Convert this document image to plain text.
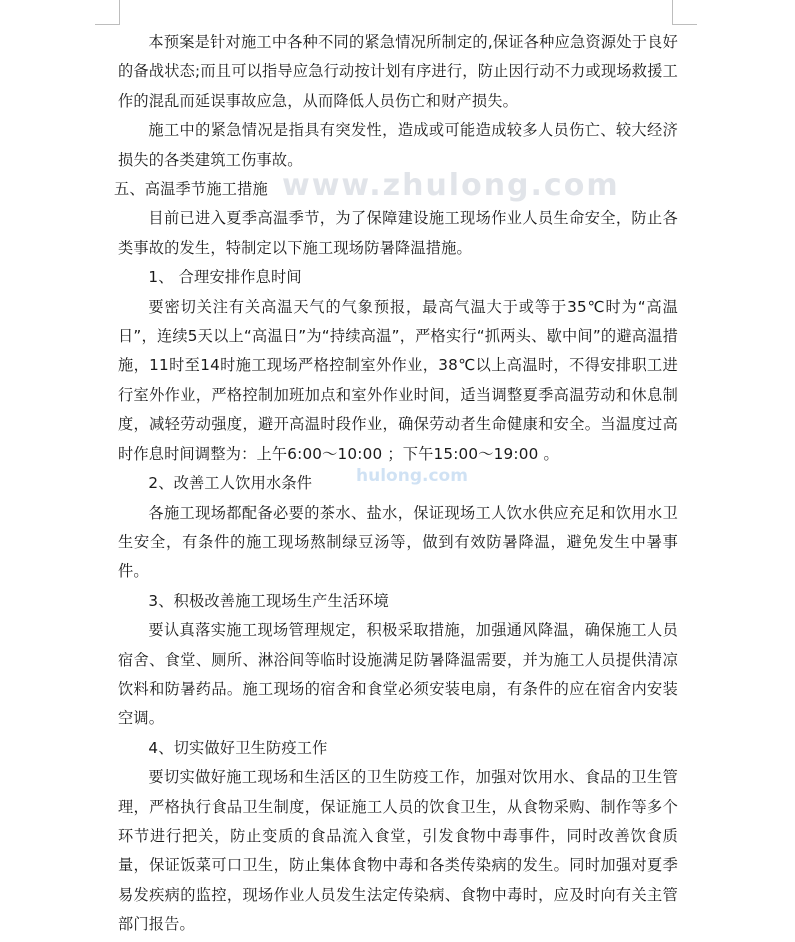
本预案是针对施工中各种不同的紧急情况所制定的,保证各种应急资源处于良好的备战状态;而且可以指导应急行动按计划有序进行，防止因行动不力或现场救援工作的混乱而延误事故应急，从而降低人员伤亡和财产损失。

施工中的紧急情况是指具有突发性，造成或可能造成较多人员伤亡、较大经济损失的各类建筑工伤事故。

五、高温季节施工措施

目前已进入夏季高温季节，为了保障建设施工现场作业人员生命安全，防止各类事故的发生，特制定以下施工现场防暑降温措施。

1、 合理安排作息时间

要密切关注有关高温天气的气象预报，最高气温大于或等于35℃时为“高温日”，连续5天以上“高温日”为“持续高温”，严格实行“抓两头、歇中间”的避高温措施，11时至14时施工现场严格控制室外作业，38℃以上高温时，不得安排职工进行室外作业，严格控制加班加点和室外作业时间，适当调整夏季高温劳动和休息制度，减轻劳动强度，避开高温时段作业，确保劳动者生命健康和安全。当温度过高时作息时间调整为：上午6:00～10:00 ；下午15:00～19:00 。

2、改善工人饮用水条件

各施工现场都配备必要的茶水、盐水，保证现场工人饮水供应充足和饮用水卫生安全，有条件的施工现场熬制绿豆汤等，做到有效防暑降温，避免发生中暑事件。

3、积极改善施工现场生产生活环境

要认真落实施工现场管理规定，积极采取措施，加强通风降温，确保施工人员宿舍、食堂、厕所、淋浴间等临时设施满足防暑降温需要，并为施工人员提供清凉饮料和防暑药品。施工现场的宿舍和食堂必须安装电扇，有条件的应在宿舍内安装空调。

4、切实做好卫生防疫工作

要切实做好施工现场和生活区的卫生防疫工作，加强对饮用水、食品的卫生管理，严格执行食品卫生制度，保证施工人员的饮食卫生，从食物采购、制作等多个环节进行把关，防止变质的食品流入食堂，引发食物中毒事件，同时改善饮食质量，保证饭菜可口卫生，防止集体食物中毒和各类传染病的发生。同时加强对夏季易发疾病的监控，现场作业人员发生法定传染病、食物中毒时，应及时向有关主管部门报告。

www.zhulong.com
hulong.com
